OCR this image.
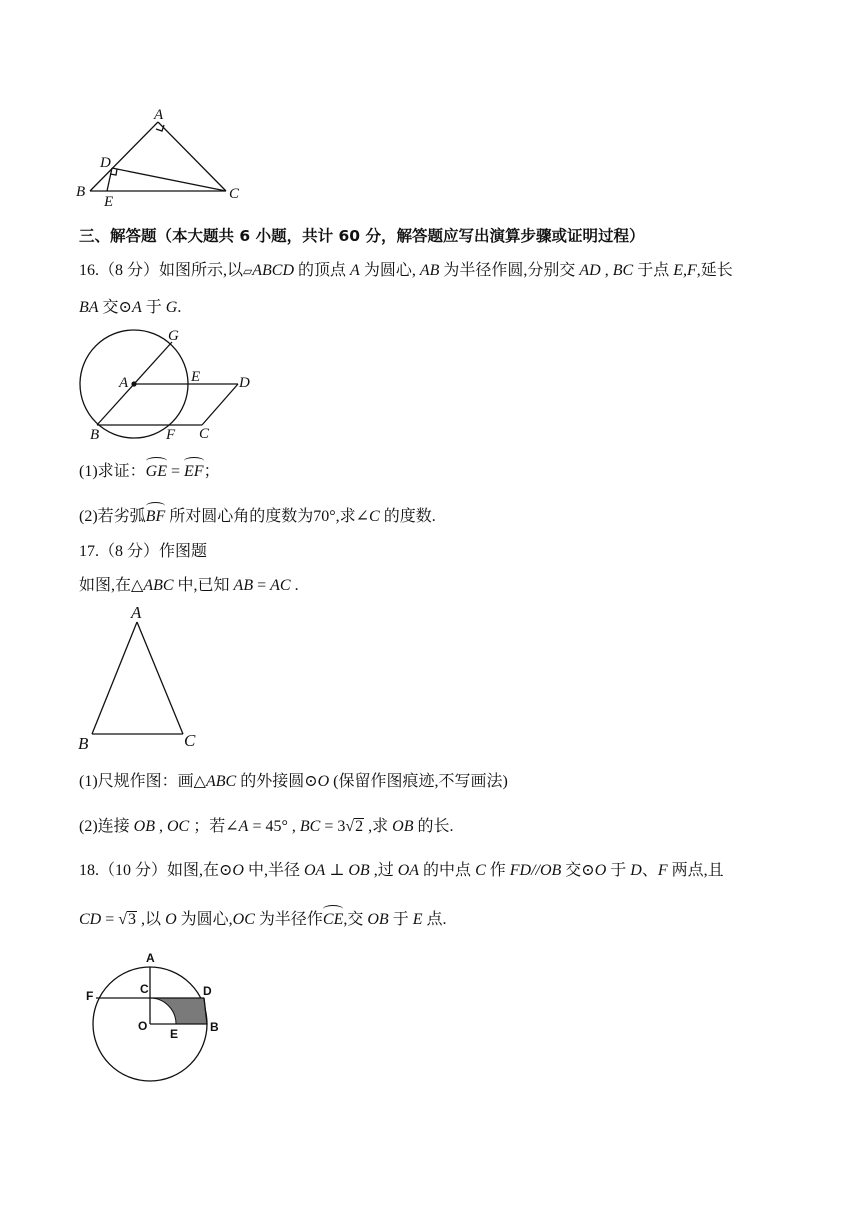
A
D
B
E	C
三、解答题（本大题共 6 小题，共计 60 分，解答题应写出演算步骤或证明过程）
16.（8 分）如图所示,以▱ABCD 的顶点 A 为圆心, AB 为半径作圆,分别交 AD , BC 于点 E,F,延长
BA 交⊙A 于 G.
G
A	E	D
B	F C
(1)求证：GE = EF；
(2)若劣弧BF 所对圆心角的度数为70°,求∠C 的度数.
17.（8 分）作图题
如图,在△ABC 中,已知 AB = AC .
A
B	C
(1)尺规作图：画△ABC 的外接圆⊙O (保留作图痕迹,不写画法)
(2)连接 OB , OC ；若∠A = 45° , BC = 3√2 ,求 OB 的长.
18.（10 分）如图,在⊙O 中,半径 OA ⊥ OB ,过 OA 的中点 C 作 FD//OB 交⊙O 于 D、F 两点,且
CD = √3 ,以 O 为圆心,OC 为半径作CE,交 OB 于 E 点.
A
F	C	D
O
E	B
